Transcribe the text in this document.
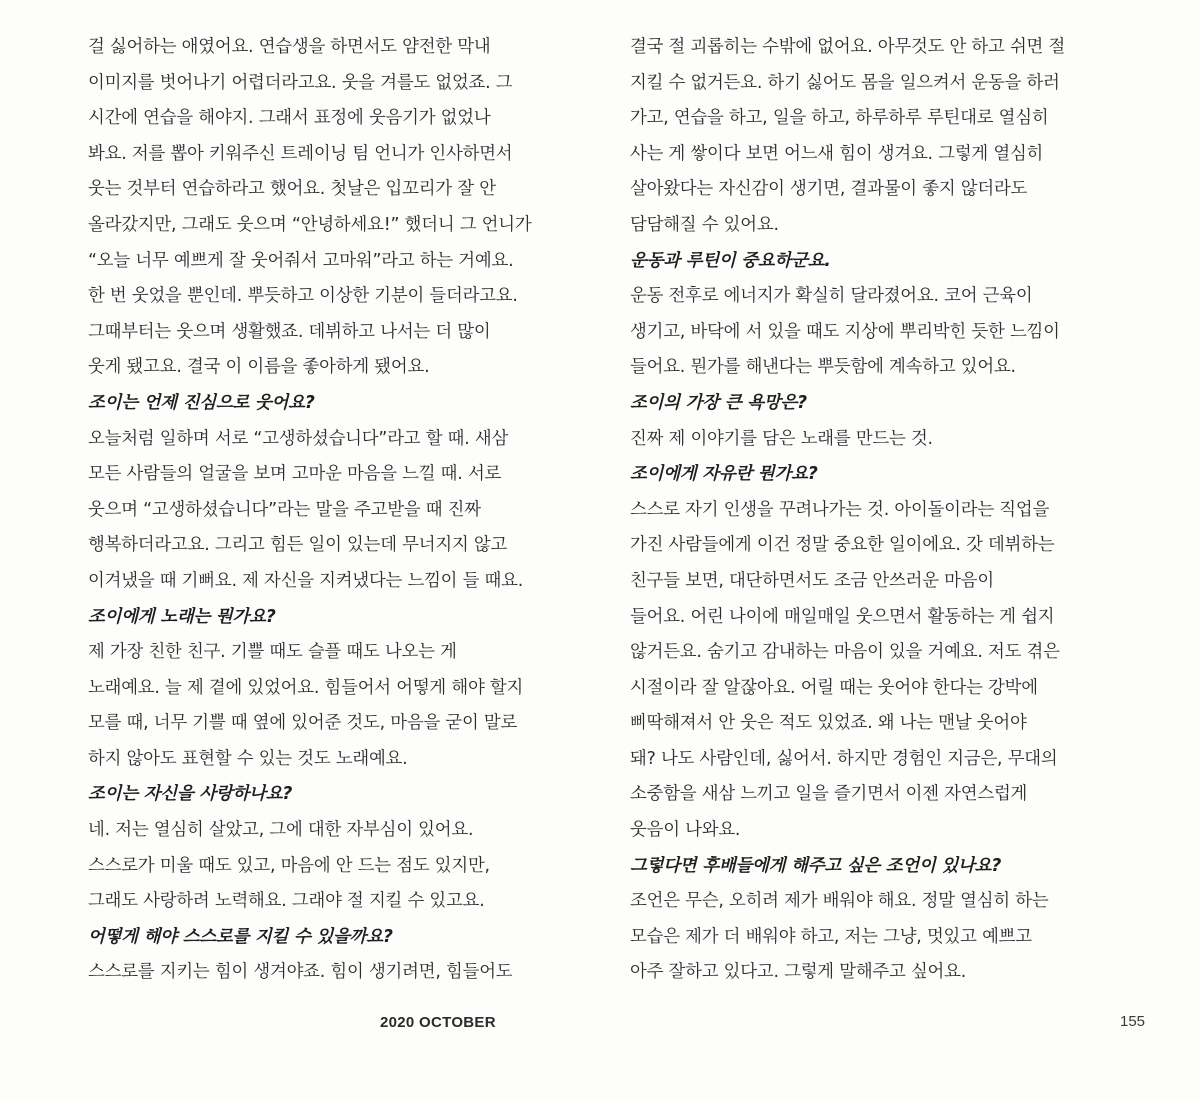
걸 싫어하는 애였어요. 연습생을 하면서도 얌전한 막내
이미지를 벗어나기 어렵더라고요. 웃을 겨를도 없었죠. 그
시간에 연습을 해야지. 그래서 표정에 웃음기가 없었나
봐요. 저를 뽑아 키워주신 트레이닝 팀 언니가 인사하면서
웃는 것부터 연습하라고 했어요. 첫날은 입꼬리가 잘 안
올라갔지만, 그래도 웃으며 “안녕하세요!” 했더니 그 언니가
“오늘 너무 예쁘게 잘 웃어줘서 고마워”라고 하는 거예요.
한 번 웃었을 뿐인데. 뿌듯하고 이상한 기분이 들더라고요.
그때부터는 웃으며 생활했죠. 데뷔하고 나서는 더 많이
웃게 됐고요. 결국 이 이름을 좋아하게 됐어요.
조이는 언제 진심으로 웃어요?
오늘처럼 일하며 서로 “고생하셨습니다”라고 할 때. 새삼
모든 사람들의 얼굴을 보며 고마운 마음을 느낄 때. 서로
웃으며 “고생하셨습니다”라는 말을 주고받을 때 진짜
행복하더라고요. 그리고 힘든 일이 있는데 무너지지 않고
이겨냈을 때 기뻐요. 제 자신을 지켜냈다는 느낌이 들 때요.
조이에게 노래는 뭔가요?
제 가장 친한 친구. 기쁠 때도 슬플 때도 나오는 게
노래예요. 늘 제 곁에 있었어요. 힘들어서 어떻게 해야 할지
모를 때, 너무 기쁠 때 옆에 있어준 것도, 마음을 굳이 말로
하지 않아도 표현할 수 있는 것도 노래예요.
조이는 자신을 사랑하나요?
네. 저는 열심히 살았고, 그에 대한 자부심이 있어요.
스스로가 미울 때도 있고, 마음에 안 드는 점도 있지만,
그래도 사랑하려 노력해요. 그래야 절 지킬 수 있고요.
어떻게 해야 스스로를 지킬 수 있을까요?
스스로를 지키는 힘이 생겨야죠. 힘이 생기려면, 힘들어도
결국 절 괴롭히는 수밖에 없어요. 아무것도 안 하고 쉬면 절
지킬 수 없거든요. 하기 싫어도 몸을 일으켜서 운동을 하러
가고, 연습을 하고, 일을 하고, 하루하루 루틴대로 열심히
사는 게 쌓이다 보면 어느새 힘이 생겨요. 그렇게 열심히
살아왔다는 자신감이 생기면, 결과물이 좋지 않더라도
담담해질 수 있어요.
운동과 루틴이 중요하군요.
운동 전후로 에너지가 확실히 달라졌어요. 코어 근육이
생기고, 바닥에 서 있을 때도 지상에 뿌리박힌 듯한 느낌이
들어요. 뭔가를 해낸다는 뿌듯함에 계속하고 있어요.
조이의 가장 큰 욕망은?
진짜 제 이야기를 담은 노래를 만드는 것.
조이에게 자유란 뭔가요?
스스로 자기 인생을 꾸려나가는 것. 아이돌이라는 직업을
가진 사람들에게 이건 정말 중요한 일이에요. 갓 데뷔하는
친구들 보면, 대단하면서도 조금 안쓰러운 마음이
들어요. 어린 나이에 매일매일 웃으면서 활동하는 게 쉽지
않거든요. 숨기고 감내하는 마음이 있을 거예요. 저도 겪은
시절이라 잘 알잖아요. 어릴 때는 웃어야 한다는 강박에
삐딱해져서 안 웃은 적도 있었죠. 왜 나는 맨날 웃어야
돼? 나도 사람인데, 싫어서. 하지만 경험인 지금은, 무대의
소중함을 새삼 느끼고 일을 즐기면서 이젠 자연스럽게
웃음이 나와요.
그렇다면 후배들에게 해주고 싶은 조언이 있나요?
조언은 무슨, 오히려 제가 배워야 해요. 정말 열심히 하는
모습은 제가 더 배워야 하고, 저는 그냥, 멋있고 예쁘고
아주 잘하고 있다고. 그렇게 말해주고 싶어요.
2020 OCTOBER	155
